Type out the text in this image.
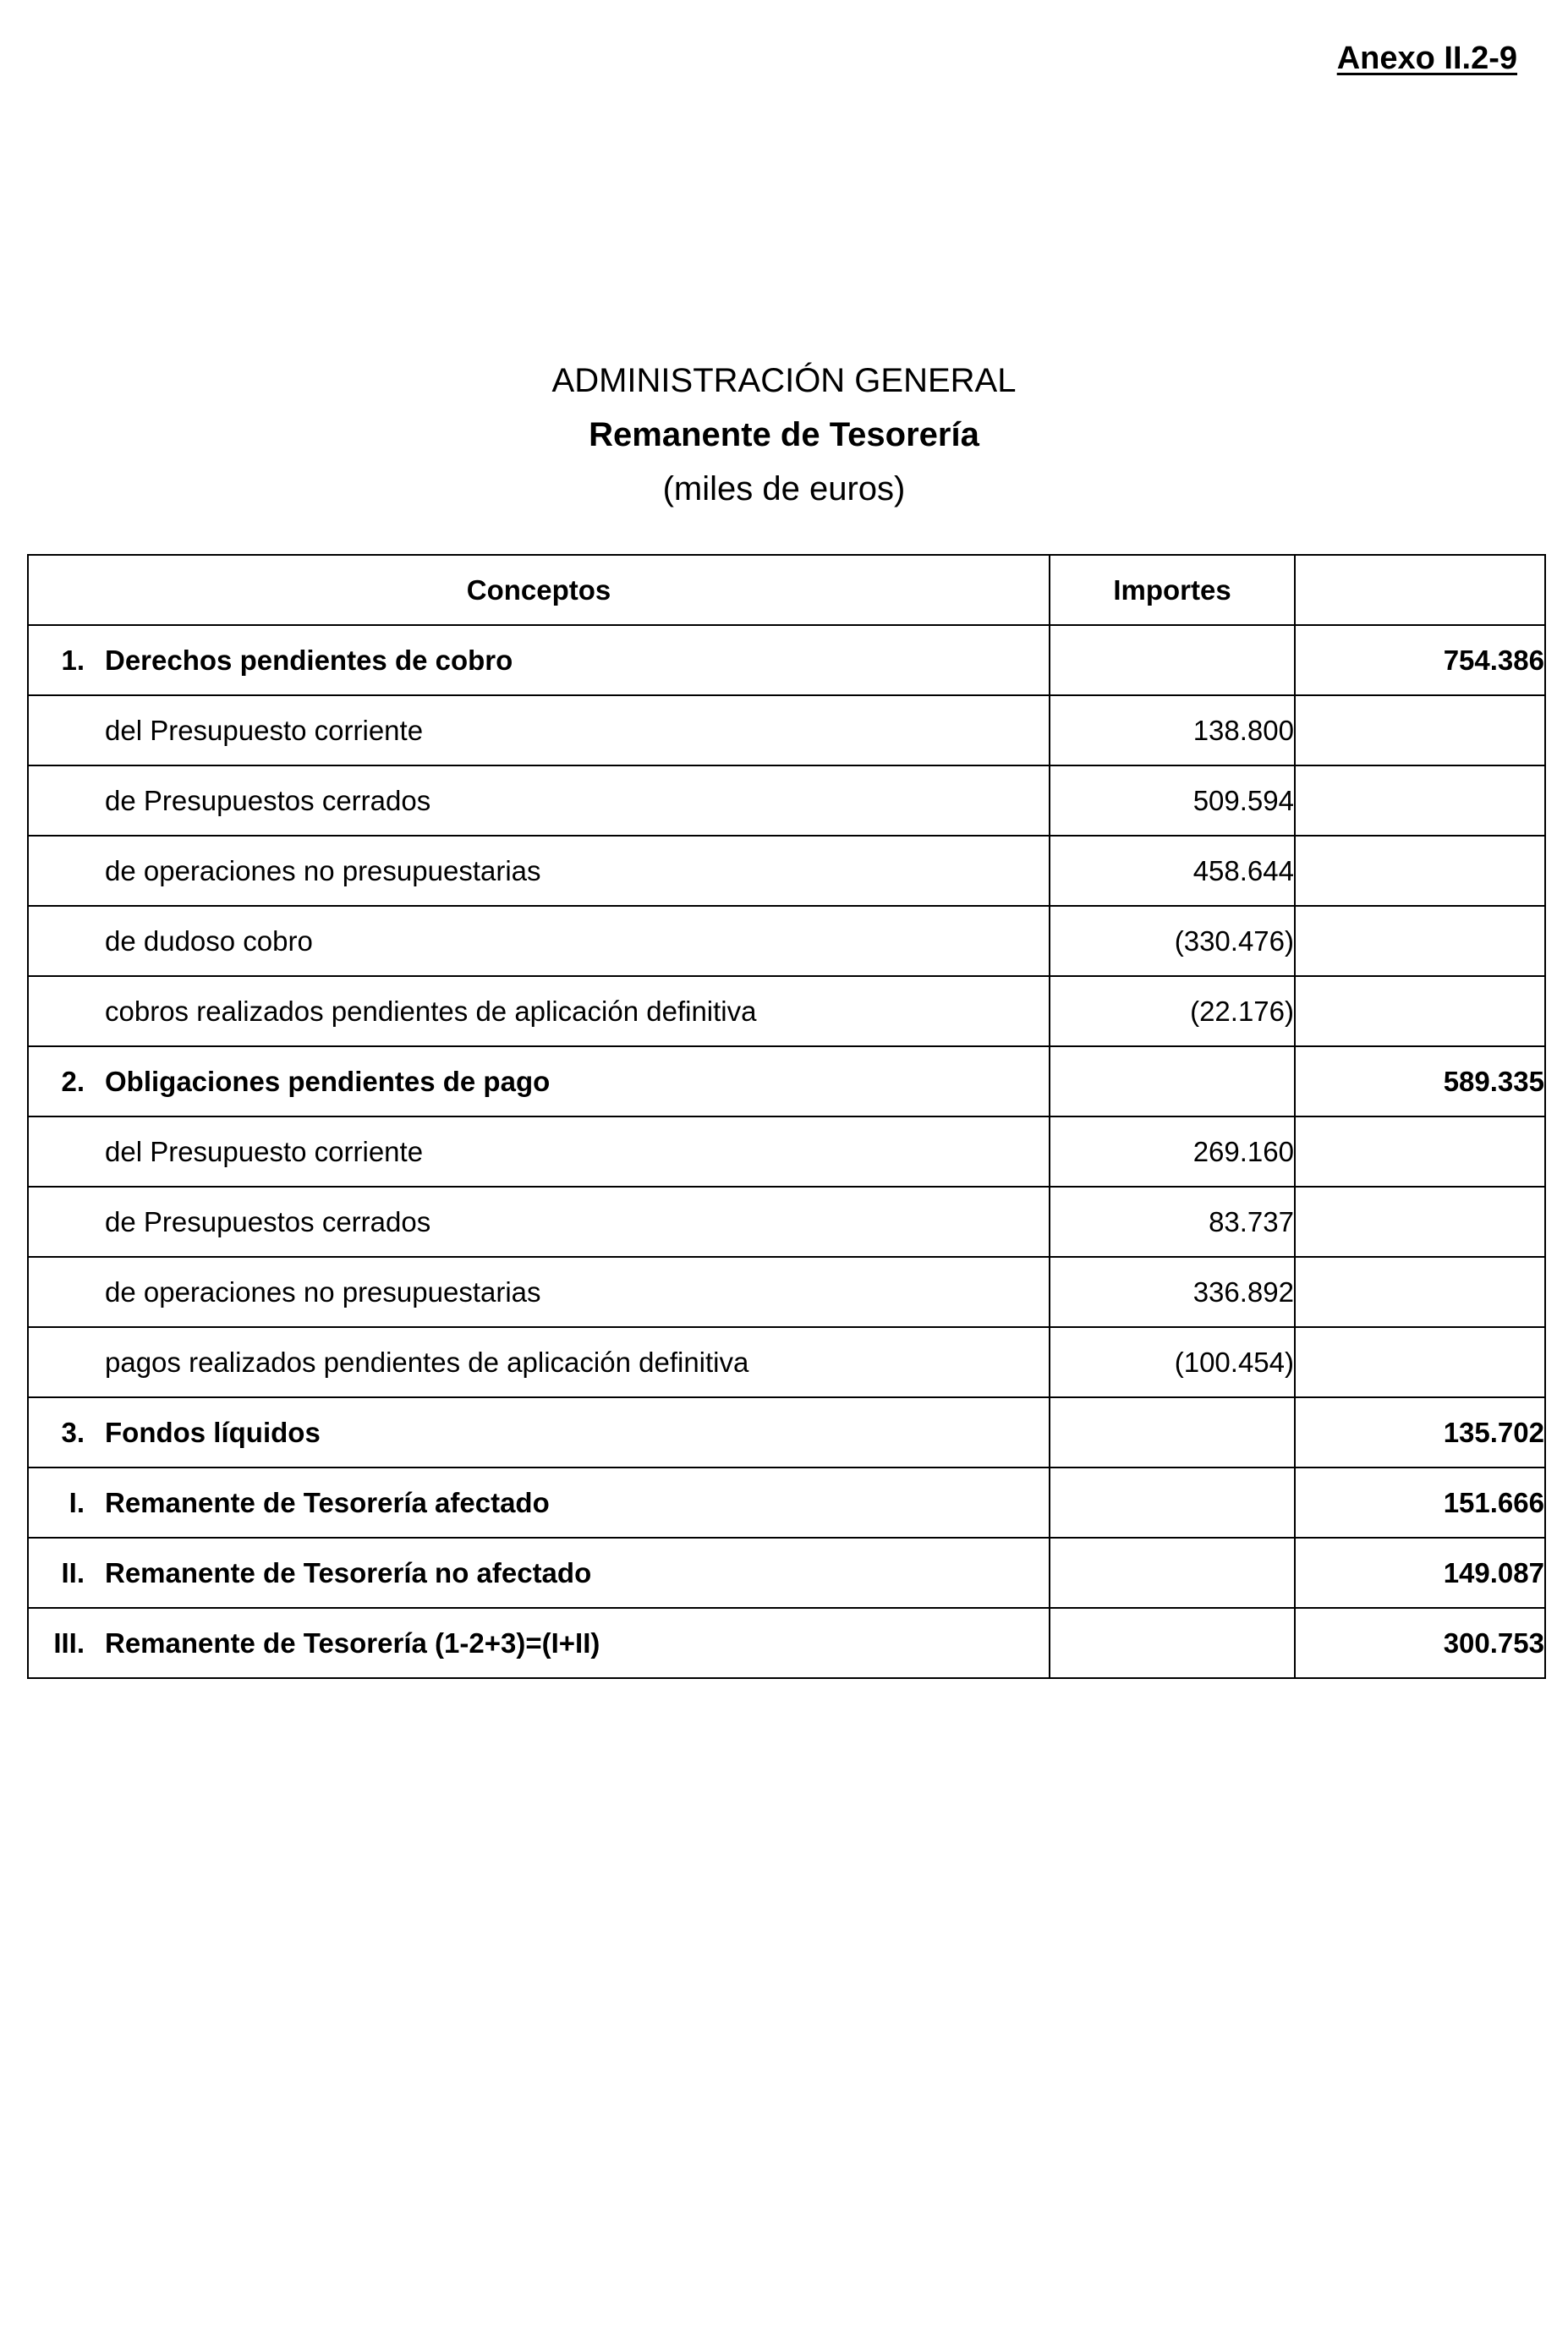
Anexo II.2-9
ADMINISTRACIÓN GENERAL
Remanente de Tesorería
(miles de euros)
Conceptos	Importes	
1. Derechos pendientes de cobro		754.386

del Presupuesto corriente	138.800	

de Presupuestos cerrados	509.594	

de operaciones no presupuestarias	458.644	

de dudoso cobro	(330.476)	

cobros realizados pendientes de aplicación definitiva	(22.176)	
2. Obligaciones pendientes de pago		589.335

del Presupuesto corriente	269.160	

de Presupuestos cerrados	83.737	

de operaciones no presupuestarias	336.892	

pagos realizados pendientes de aplicación definitiva	(100.454)	
3. Fondos líquidos		135.702
I. Remanente de Tesorería afectado		151.666
II. Remanente de Tesorería no afectado		149.087
III. Remanente de Tesorería (1-2+3)=(I+II)		300.753
